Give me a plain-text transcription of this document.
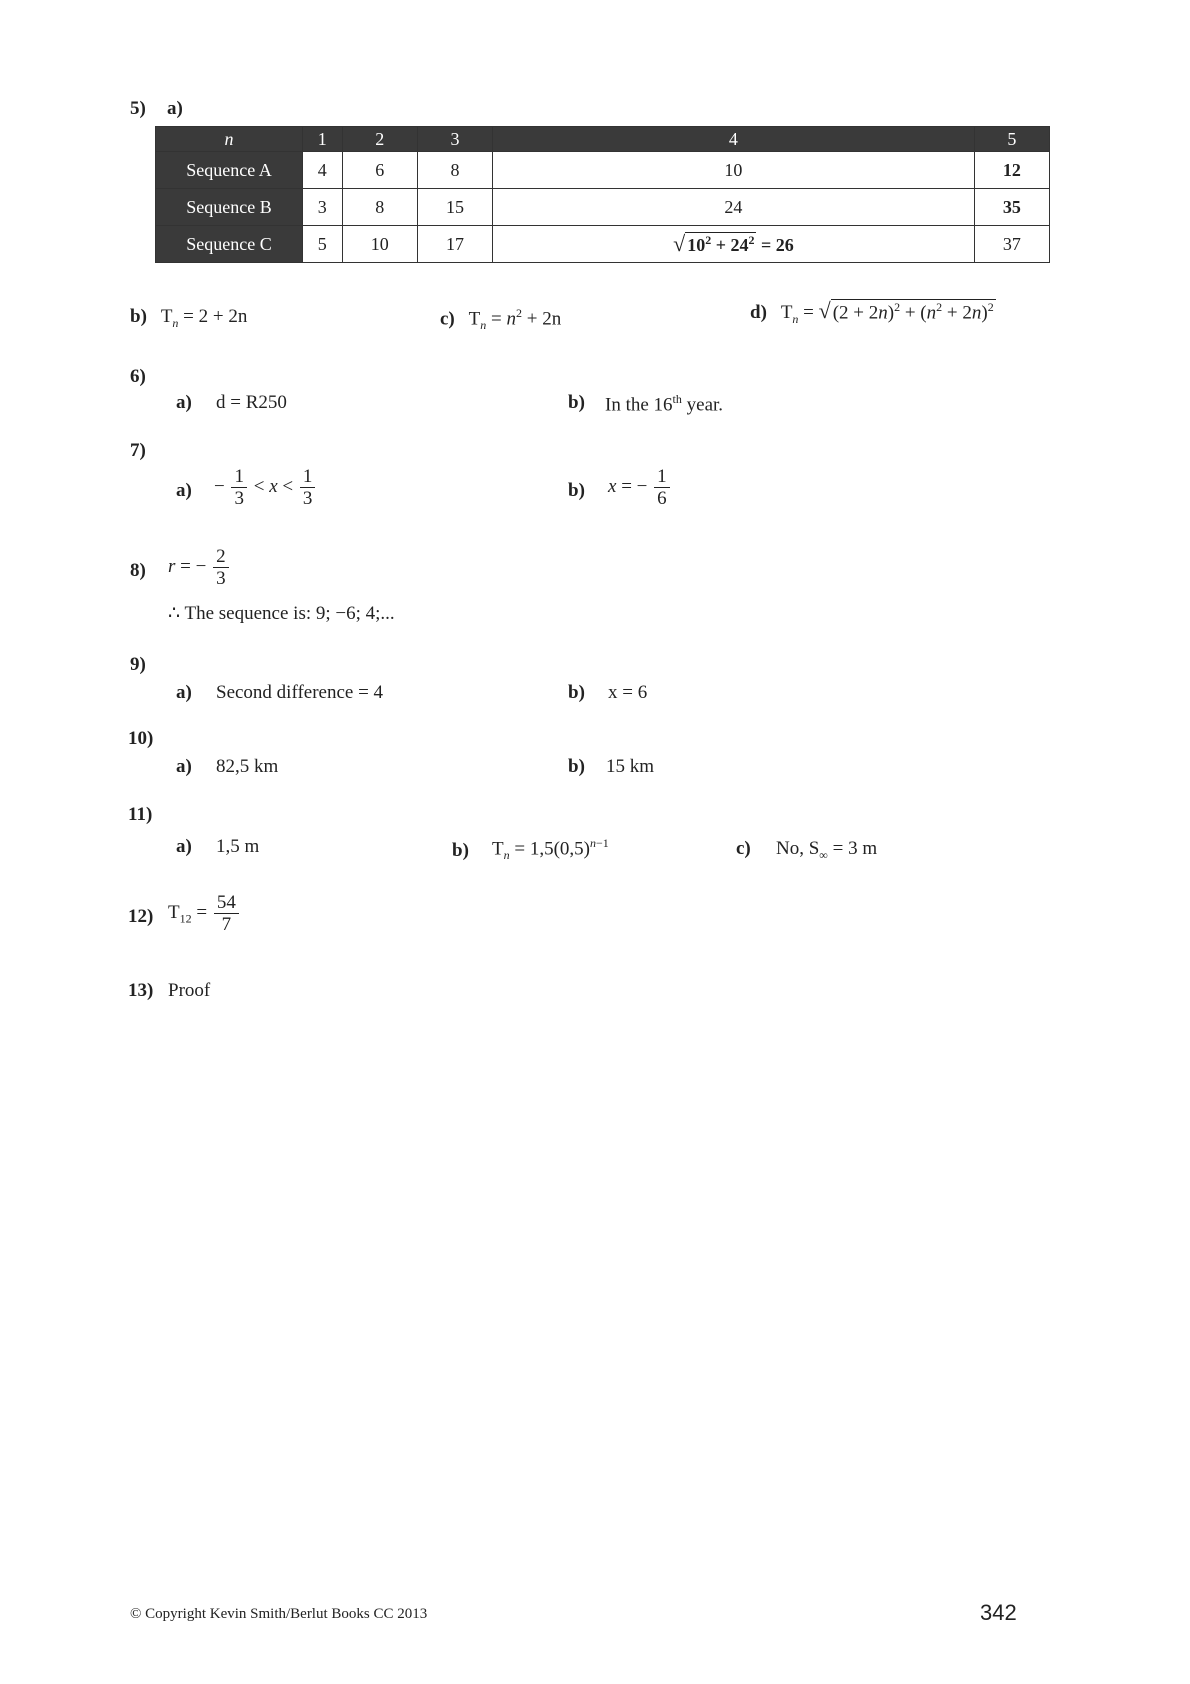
5) a)
n	1	2	3	4	5
Sequence A	4	6	8	10	12
Sequence B	3	8	15	24	35
Sequence C	5	10	17	√ $10^2 + 24^2 = 26$	37
b)   $T_n = 2 + 2n$	c)   $T_n = n^2 + 2n$	d)   $T_n$ = √ $(2 + 2n)^2 + (n^2 + 2n)^2$
6)
a) d = R250	b) In the 16th year.
7)
$a) - \frac{1}{3} < x < \frac{1}{3}$	b) x = − $\frac{1}{6}$
8) r = − $\frac{2}{3}$
∴ The sequence is: 9; −6; 4;...
9)
a) Second difference = 4	b) x = 6
10)
a) 82,5 km	b) 15 km
11)
a) 1,5 m	b) $T_n = 1,5(0,5)^{n-1}$	c) No, $S_\infty = 3$ m
12) $T_{12} = \frac{54}{7}$
13) Proof
© Copyright Kevin Smith/Berlut Books CC 2013	342
